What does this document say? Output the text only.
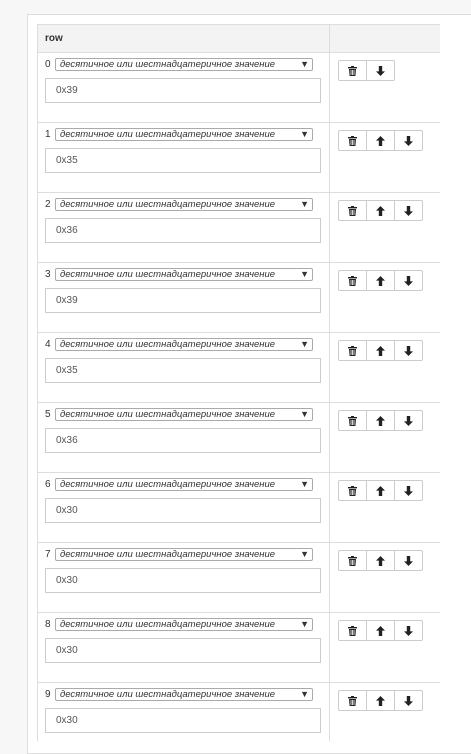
row	

0 десятичное или шестнадцатеричное значение ▼
0x39

1 десятичное или шестнадцатеричное значение ▼
0x35

2 десятичное или шестнадцатеричное значение ▼
0x36

3 десятичное или шестнадцатеричное значение ▼
0x39

4 десятичное или шестнадцатеричное значение ▼
0x35

5 десятичное или шестнадцатеричное значение ▼
0x36

6 десятичное или шестнадцатеричное значение ▼
0x30

7 десятичное или шестнадцатеричное значение ▼
0x30

8 десятичное или шестнадцатеричное значение ▼
0x30

9 десятичное или шестнадцатеричное значение ▼
0x30
